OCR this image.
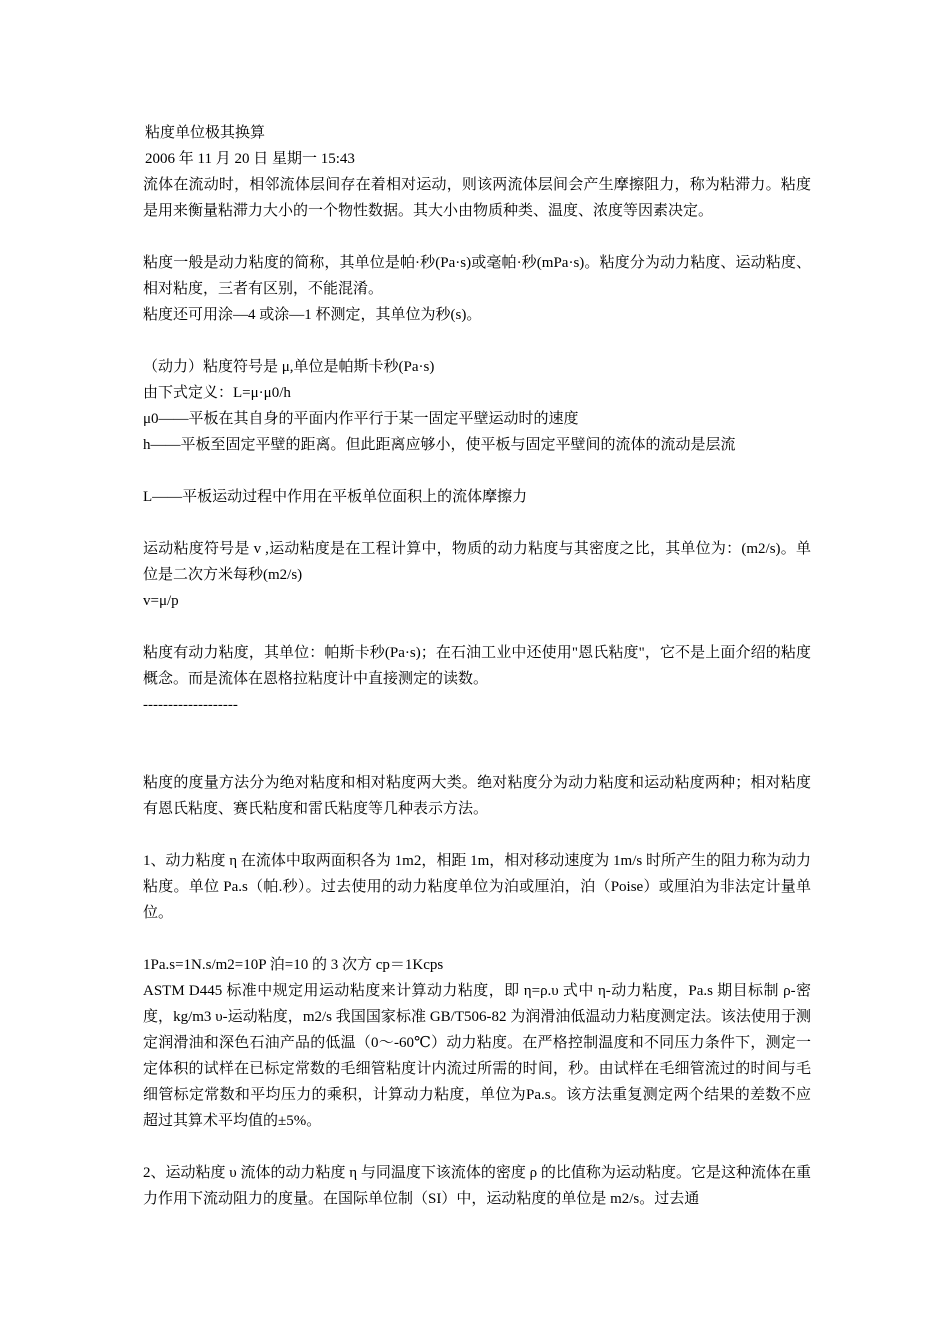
粘度单位极其换算

2006 年 11 月 20 日 星期一 15:43

流体在流动时，相邻流体层间存在着相对运动，则该两流体层间会产生摩擦阻力，称为粘滞力。粘度是用来衡量粘滞力大小的一个物性数据。其大小由物质种类、温度、浓度等因素决定。

粘度一般是动力粘度的简称，其单位是帕·秒(Pa·s)或毫帕·秒(mPa·s)。粘度分为动力粘度、运动粘度、相对粘度，三者有区别，不能混淆。

粘度还可用涂—4 或涂—1 杯测定，其单位为秒(s)。

（动力）粘度符号是 μ,单位是帕斯卡秒(Pa·s)

由下式定义：L=μ·μ0/h

μ0——平板在其自身的平面内作平行于某一固定平壁运动时的速度

h——平板至固定平壁的距离。但此距离应够小，使平板与固定平壁间的流体的流动是层流

L——平板运动过程中作用在平板单位面积上的流体摩擦力

运动粘度符号是 v ,运动粘度是在工程计算中，物质的动力粘度与其密度之比，其单位为：(m2/s)。单位是二次方米每秒(m2/s)

v=μ/p

粘度有动力粘度，其单位：帕斯卡秒(Pa·s)；在石油工业中还使用"恩氏粘度"，它不是上面介绍的粘度概念。而是流体在恩格拉粘度计中直接测定的读数。

-------------------

粘度的度量方法分为绝对粘度和相对粘度两大类。绝对粘度分为动力粘度和运动粘度两种；相对粘度有恩氏粘度、赛氏粘度和雷氏粘度等几种表示方法。

1、动力粘度 η 在流体中取两面积各为 1m2，相距 1m，相对移动速度为 1m/s 时所产生的阻力称为动力粘度。单位 Pa.s（帕.秒）。过去使用的动力粘度单位为泊或厘泊，泊（Poise）或厘泊为非法定计量单位。

1Pa.s=1N.s/m2=10P 泊=10 的 3 次方 cp＝1Kcps

ASTM D445 标准中规定用运动粘度来计算动力粘度，即 η=ρ.υ 式中 η-动力粘度，Pa.s 期目标制 ρ-密度，kg/m3 υ-运动粘度，m2/s 我国国家标准 GB/T506-82 为润滑油低温动力粘度测定法。该法使用于测定润滑油和深色石油产品的低温（0～-60℃）动力粘度。在严格控制温度和不同压力条件下，测定一定体积的试样在已标定常数的毛细管粘度计内流过所需的时间，秒。由试样在毛细管流过的时间与毛细管标定常数和平均压力的乘积，计算动力粘度，单位为Pa.s。该方法重复测定两个结果的差数不应超过其算术平均值的±5%。

2、运动粘度 υ 流体的动力粘度 η 与同温度下该流体的密度 ρ 的比值称为运动粘度。它是这种流体在重力作用下流动阻力的度量。在国际单位制（SI）中，运动粘度的单位是 m2/s。过去通
